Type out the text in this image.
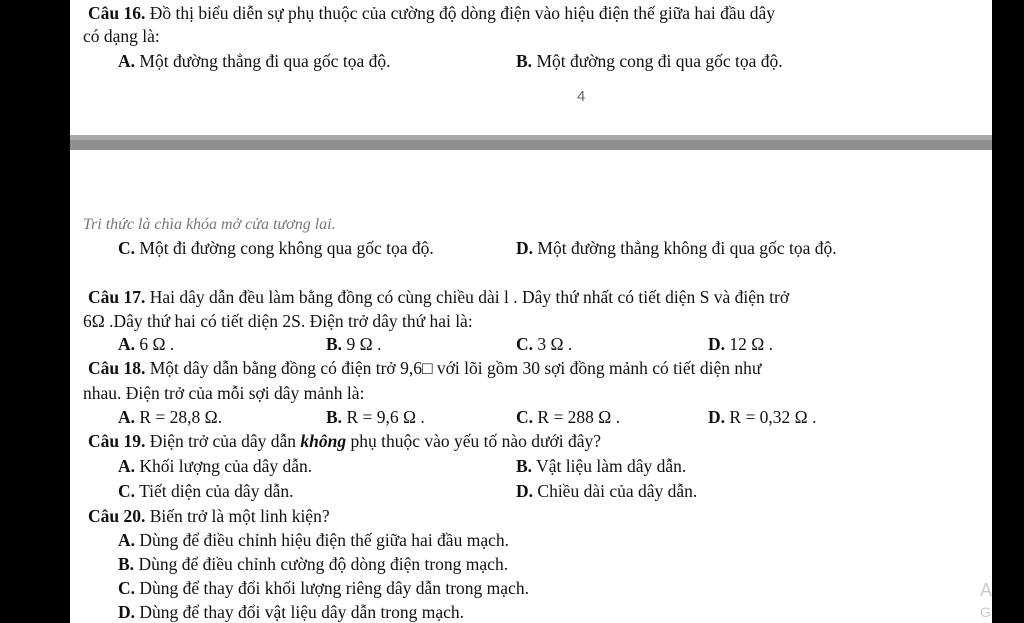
Câu 16. Đồ thị biểu diễn sự phụ thuộc của cường độ dòng điện vào hiệu điện thế giữa hai đầu dây
có dạng là:
A. Một đường thẳng đi qua gốc tọa độ.	B. Một đường cong đi qua gốc tọa độ.
4
Tri thức là chìa khóa mở cửa tương lai.
C. Một đi đường cong không qua gốc tọa độ.	D. Một đường thẳng không đi qua gốc tọa độ.
Câu 17. Hai dây dẫn đều làm bằng đồng có cùng chiều dài l . Dây thứ nhất có tiết diện S và điện trở
6Ω .Dây thứ hai có tiết diện 2S. Điện trở dây thứ hai là:
A. 6 Ω .	B. 9 Ω .	C. 3 Ω .	D. 12 Ω .
Câu 18. Một dây dẫn bằng đồng có điện trở 9,6□ với lõi gồm 30 sợi đồng mảnh có tiết diện như
nhau. Điện trở của mỗi sợi dây mảnh là:
A. R = 28,8 Ω.	B. R = 9,6 Ω .	C. R = 288 Ω .	D. R = 0,32 Ω .
Câu 19. Điện trở của dây dẫn không phụ thuộc vào yếu tố nào dưới đây?
A. Khối lượng của dây dẫn.	B. Vật liệu làm dây dẫn.
C. Tiết diện của dây dẫn.	D. Chiều dài của dây dẫn.
Câu 20. Biến trở là một linh kiện?
A. Dùng để điều chỉnh hiệu điện thế giữa hai đầu mạch.
B. Dùng để điều chỉnh cường độ dòng điện trong mạch.
C. Dùng để thay đổi khối lượng riêng dây dẫn trong mạch.
D. Dùng để thay đổi vật liệu dây dẫn trong mạch.
A
G
